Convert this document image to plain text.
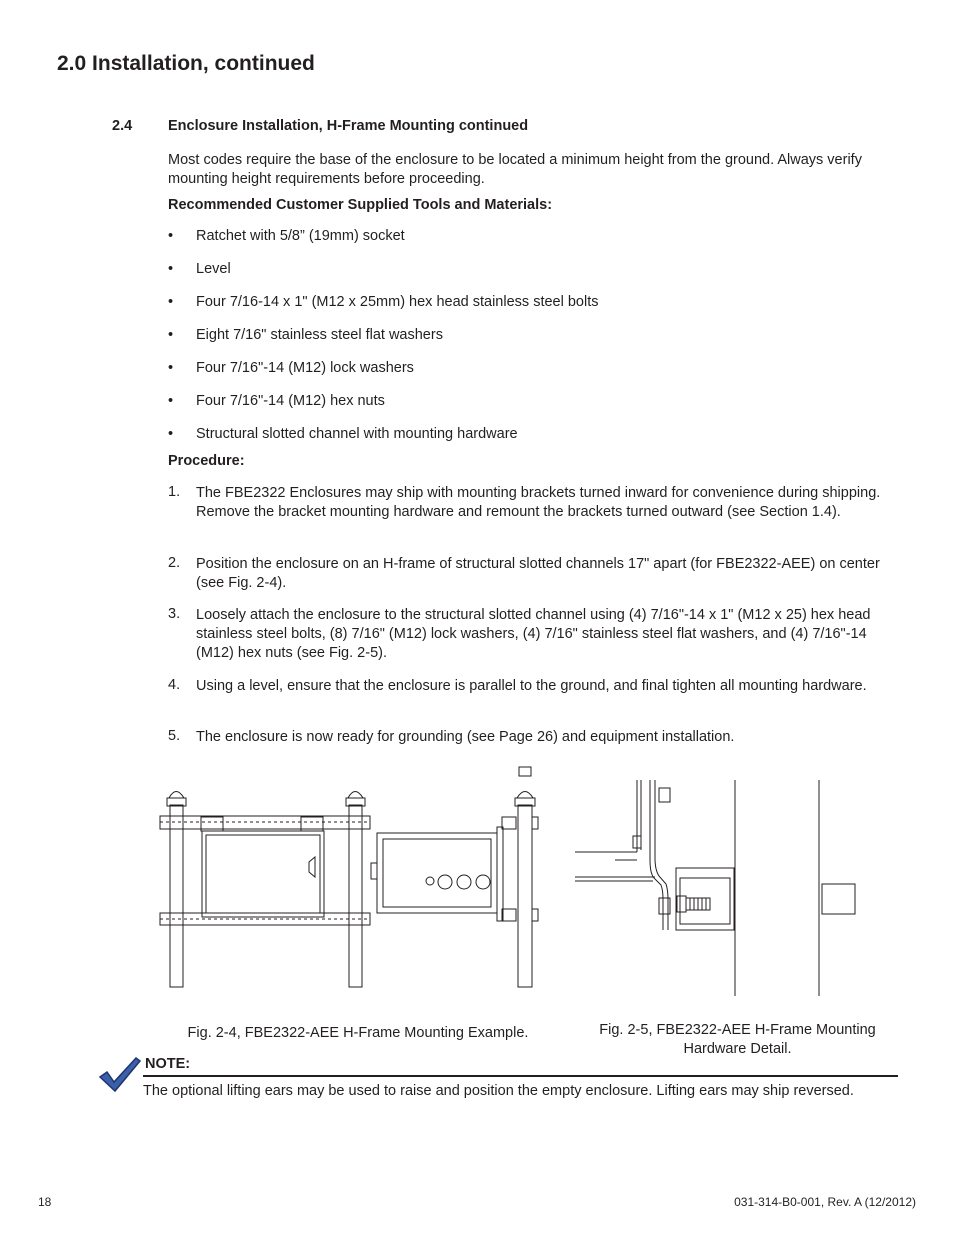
2.0 Installation, continued
2.4 Enclosure Installation, H-Frame Mounting continued
Most codes require the base of the enclosure to be located a minimum height from the ground. Always verify mounting height requirements before proceeding.
Recommended Customer Supplied Tools and Materials:
• Ratchet with 5/8” (19mm) socket
• Level
• Four 7/16-14 x 1" (M12 x 25mm) hex head stainless steel bolts
• Eight 7/16" stainless steel flat washers
• Four 7/16"-14 (M12) lock washers
• Four 7/16"-14 (M12) hex nuts
• Structural slotted channel with mounting hardware
Procedure:
1. The FBE2322 Enclosures may ship with mounting brackets turned inward for convenience during shipping. Remove the bracket mounting hardware and remount the brackets turned outward (see Section 1.4).
2. Position the enclosure on an H-frame of structural slotted channels 17" apart (for FBE2322-AEE) on center (see Fig. 2-4).
3. Loosely attach the enclosure to the structural slotted channel using (4) 7/16"-14 x 1" (M12 x 25) hex head stainless steel bolts, (8) 7/16" (M12) lock washers, (4) 7/16" stainless steel flat washers, and (4) 7/16"-14 (M12) hex nuts (see Fig. 2-5).
4. Using a level, ensure that the enclosure is parallel to the ground, and final tighten all mounting hardware.
5. The enclosure is now ready for grounding (see Page 26) and equipment installation.
Fig. 2-4, FBE2322-AEE H-Frame Mounting Example.	Fig. 2-5, FBE2322-AEE H-Frame Mounting
Hardware Detail.
NOTE:
The optional lifting ears may be used to raise and position the empty enclosure. Lifting ears may ship reversed.
18	031-314-B0-001, Rev. A (12/2012)
